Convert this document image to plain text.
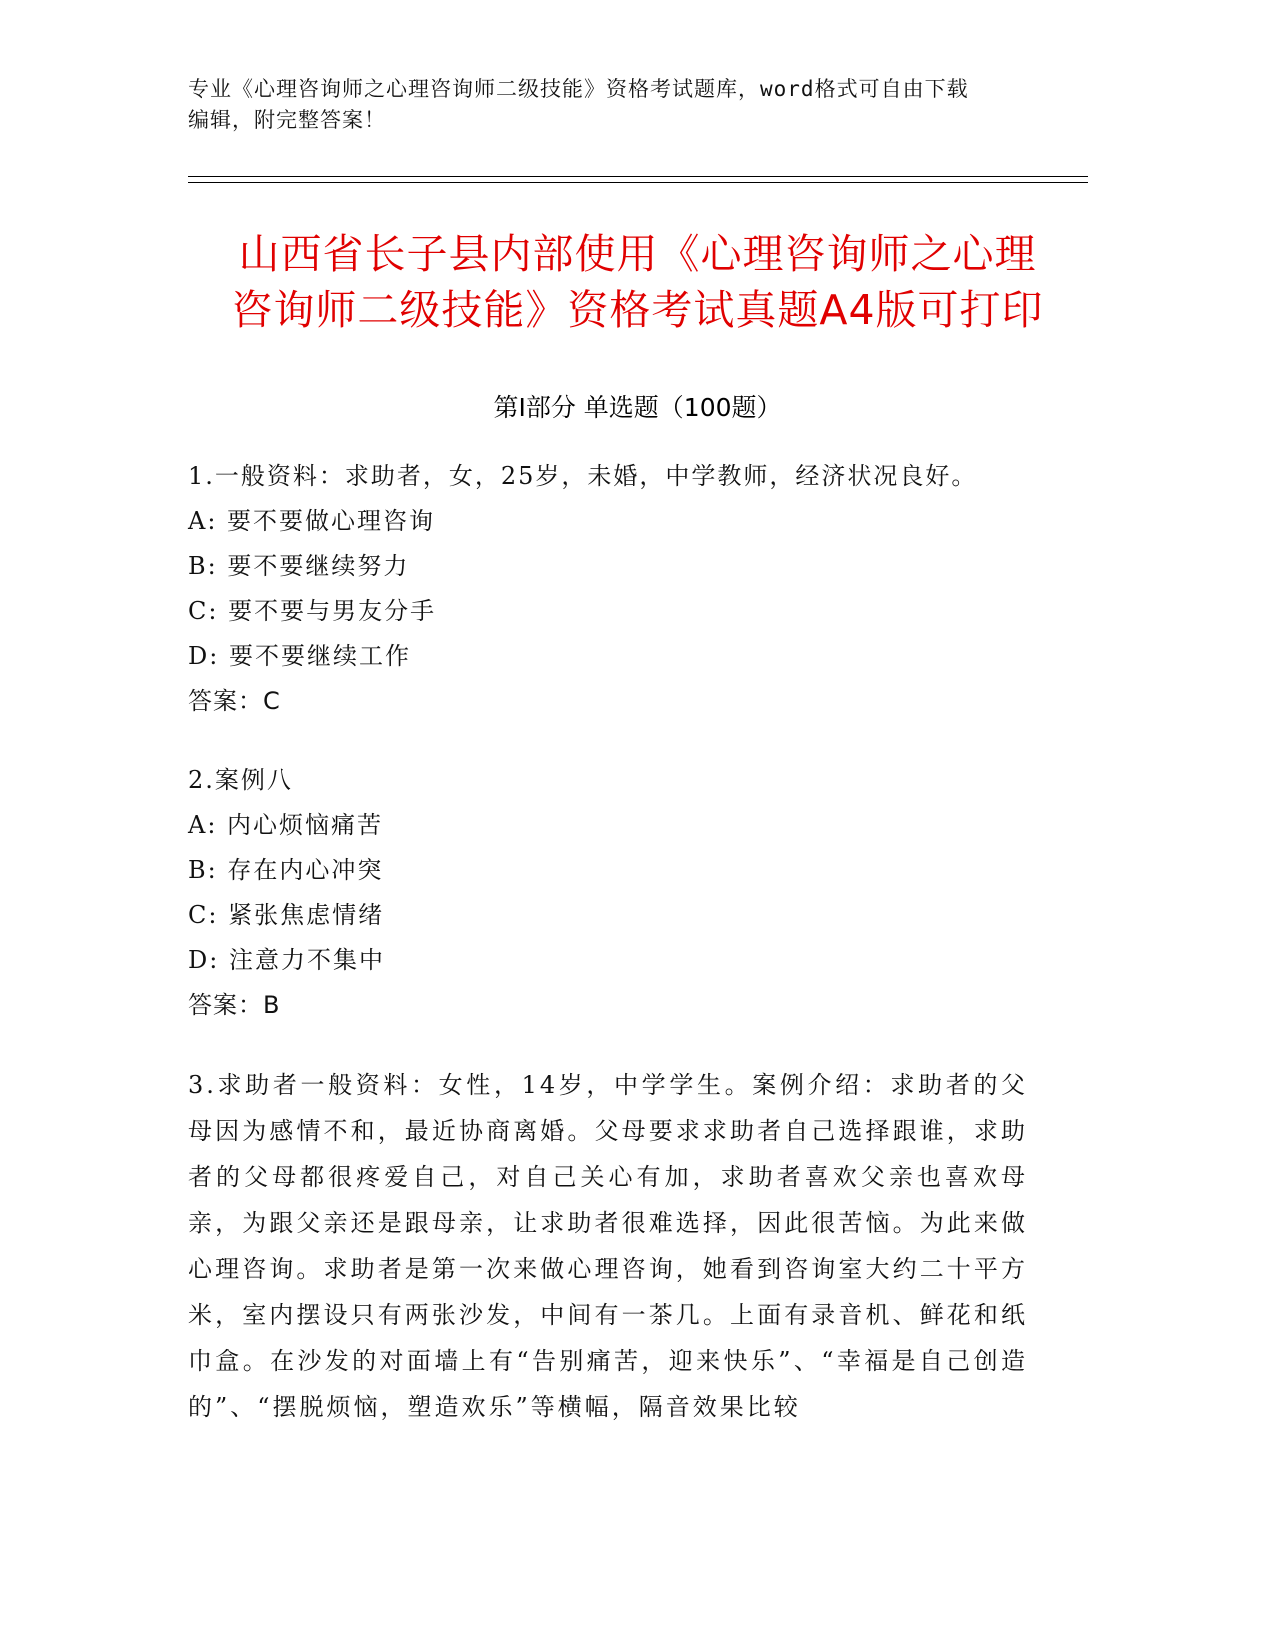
专业《心理咨询师之心理咨询师二级技能》资格考试题库，word格式可自由下载
编辑，附完整答案！
山西省长子县内部使用《心理咨询师之心理
咨询师二级技能》资格考试真题A4版可打印
第Ⅰ部分 单选题（100题）
1.一般资料：求助者，女，25岁，未婚，中学教师，经济状况良好。
A: 要不要做心理咨询
B: 要不要继续努力
C: 要不要与男友分手
D: 要不要继续工作
答案：C
2.案例八
A: 内心烦恼痛苦
B: 存在内心冲突
C: 紧张焦虑情绪
D: 注意力不集中
答案：B
3.求助者一般资料：女性，14岁，中学学生。案例介绍：求助者的父母因为感情不和，最近协商离婚。父母要求求助者自己选择跟谁，求助者的父母都很疼爱自己，对自己关心有加，求助者喜欢父亲也喜欢母亲，为跟父亲还是跟母亲，让求助者很难选择，因此很苦恼。为此来做心理咨询。求助者是第一次来做心理咨询，她看到咨询室大约二十平方米，室内摆设只有两张沙发，中间有一茶几。上面有录音机、鲜花和纸巾盒。在沙发的对面墙上有“告别痛苦，迎来快乐”、“幸福是自己创造的”、“摆脱烦恼，塑造欢乐”等横幅，隔音效果比较
